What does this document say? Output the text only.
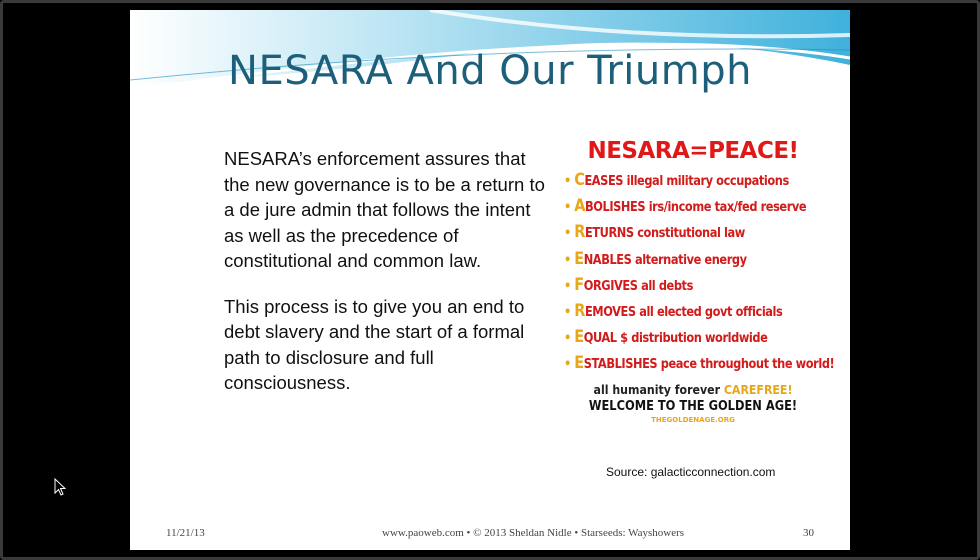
NESARA And Our Triumph

NESARA’s enforcement assures that the new governance is to be a return to a de jure admin that follows the intent as well as the precedence of constitutional and common law.

This process is to give you an end to debt slavery and the start of a formal path to disclosure and full consciousness.

NESARA=PEACE!
• CEASES illegal military occupations
• ABOLISHES irs/income tax/fed reserve
• RETURNS constitutional law
• ENABLES alternative energy
• FORGIVES all debts
• REMOVES all elected govt officials
• EQUAL $ distribution worldwide
• ESTABLISHES peace throughout the world!
all humanity forever CAREFREE!
WELCOME TO THE GOLDEN AGE!
THEGOLDENAGE.ORG
Source: galacticconnection.com
11/21/13	www.paoweb.com • © 2013 Sheldan Nidle • Starseeds: Wayshowers	30
